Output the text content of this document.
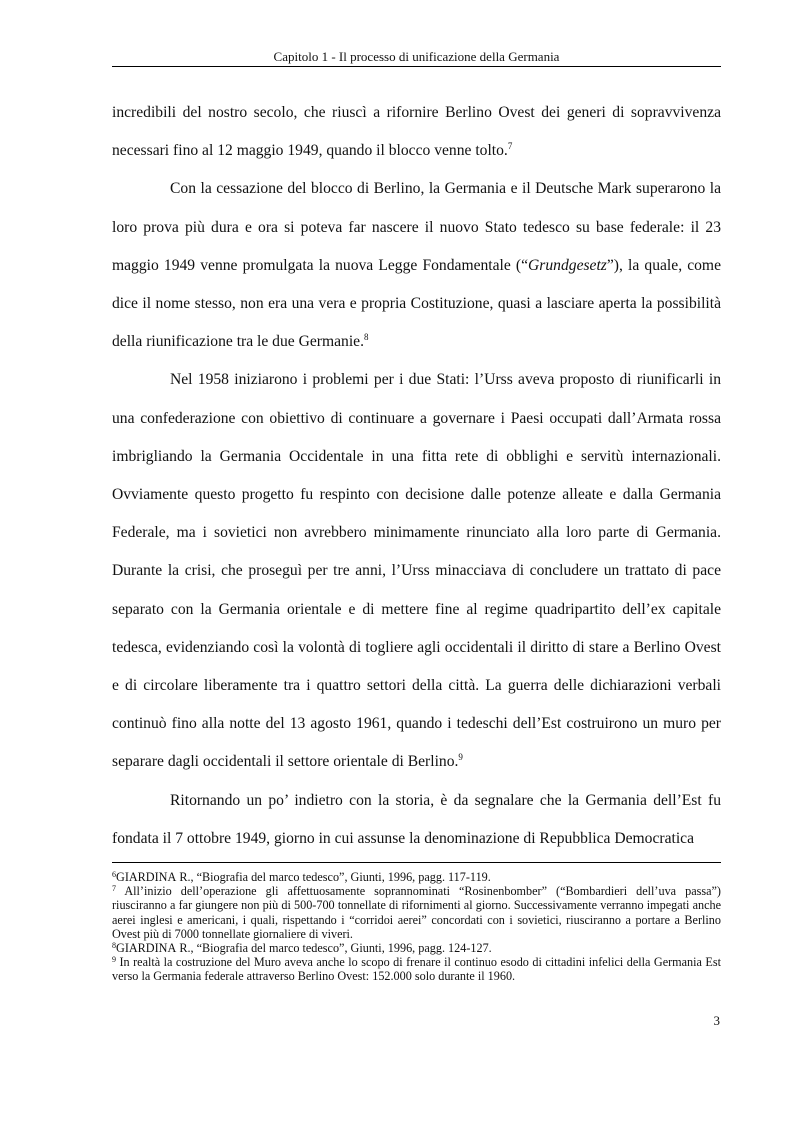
Capitolo 1 - Il processo di unificazione della Germania

incredibili del nostro secolo, che riuscì a rifornire Berlino Ovest dei generi di sopravvivenza necessari fino al 12 maggio 1949, quando il blocco venne tolto.$^7$

Con la cessazione del blocco di Berlino, la Germania e il Deutsche Mark superarono la loro prova più dura e ora si poteva far nascere il nuovo Stato tedesco su base federale: il 23 maggio 1949 venne promulgata la nuova Legge Fondamentale (“Grundgesetz”), la quale, come dice il nome stesso, non era una vera e propria Costituzione, quasi a lasciare aperta la possibilità della riunificazione tra le due Germanie.$^8$

Nel 1958 iniziarono i problemi per i due Stati: l’Urss aveva proposto di riunificarli in una confederazione con obiettivo di continuare a governare i Paesi occupati dall’Armata rossa imbrigliando la Germania Occidentale in una fitta rete di obblighi e servitù internazionali. Ovviamente questo progetto fu respinto con decisione dalle potenze alleate e dalla Germania Federale, ma i sovietici non avrebbero minimamente rinunciato alla loro parte di Germania. Durante la crisi, che proseguì per tre anni, l’Urss minacciava di concludere un trattato di pace separato con la Germania orientale e di mettere fine al regime quadripartito dell’ex capitale tedesca, evidenziando così la volontà di togliere agli occidentali il diritto di stare a Berlino Ovest e di circolare liberamente tra i quattro settori della città. La guerra delle dichiarazioni verbali continuò fino alla notte del 13 agosto 1961, quando i tedeschi dell’Est costruirono un muro per separare dagli occidentali il settore orientale di Berlino.$^9$

Ritornando un po’ indietro con la storia, è da segnalare che la Germania dell’Est fu fondata il 7 ottobre 1949, giorno in cui assunse la denominazione di Repubblica Democratica

$^6$GIARDINA R., “Biografia del marco tedesco”, Giunti, 1996, pagg. 117-119.

$^7$ All’inizio dell’operazione gli affettuosamente soprannominati “Rosinenbomber” (“Bombardieri dell’uva passa”) riusciranno a far giungere non più di 500-700 tonnellate di rifornimenti al giorno. Successivamente verranno impegati anche aerei inglesi e americani, i quali, rispettando i “corridoi aerei” concordati con i sovietici, riusciranno a portare a Berlino Ovest più di 7000 tonnellate giornaliere di viveri.

$^8$GIARDINA R., “Biografia del marco tedesco”, Giunti, 1996, pagg. 124-127.

$^9$ In realtà la costruzione del Muro aveva anche lo scopo di frenare il continuo esodo di cittadini infelici della Germania Est verso la Germania federale attraverso Berlino Ovest: 152.000 solo durante il 1960.

3
